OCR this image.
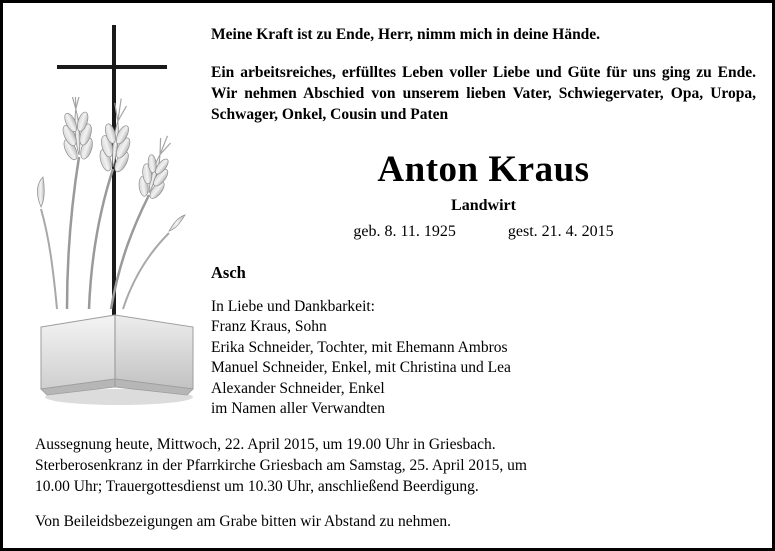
Meine Kraft ist zu Ende, Herr, nimm mich in deine Hände.

Ein arbeitsreiches, erfülltes Leben voller Liebe und Güte für uns ging zu Ende. Wir nehmen Abschied von unserem lieben Vater, Schwiegervater, Opa, Uropa, Schwager, Onkel, Cousin und Paten

Anton Kraus
Landwirt
geb. 8. 11. 1925	gest. 21. 4. 2015
Asch
In Liebe und Dankbarkeit:
Franz Kraus, Sohn
Erika Schneider, Tochter, mit Ehemann Ambros
Manuel Schneider, Enkel, mit Christina und Lea
Alexander Schneider, Enkel
im Namen aller Verwandten
Aussegnung heute, Mittwoch, 22. April 2015, um 19.00 Uhr in Griesbach.
Sterberosenkranz in der Pfarrkirche Griesbach am Samstag, 25. April 2015, um
10.00 Uhr; Trauergottesdienst um 10.30 Uhr, anschließend Beerdigung.
Von Beileidsbezeigungen am Grabe bitten wir Abstand zu nehmen.
